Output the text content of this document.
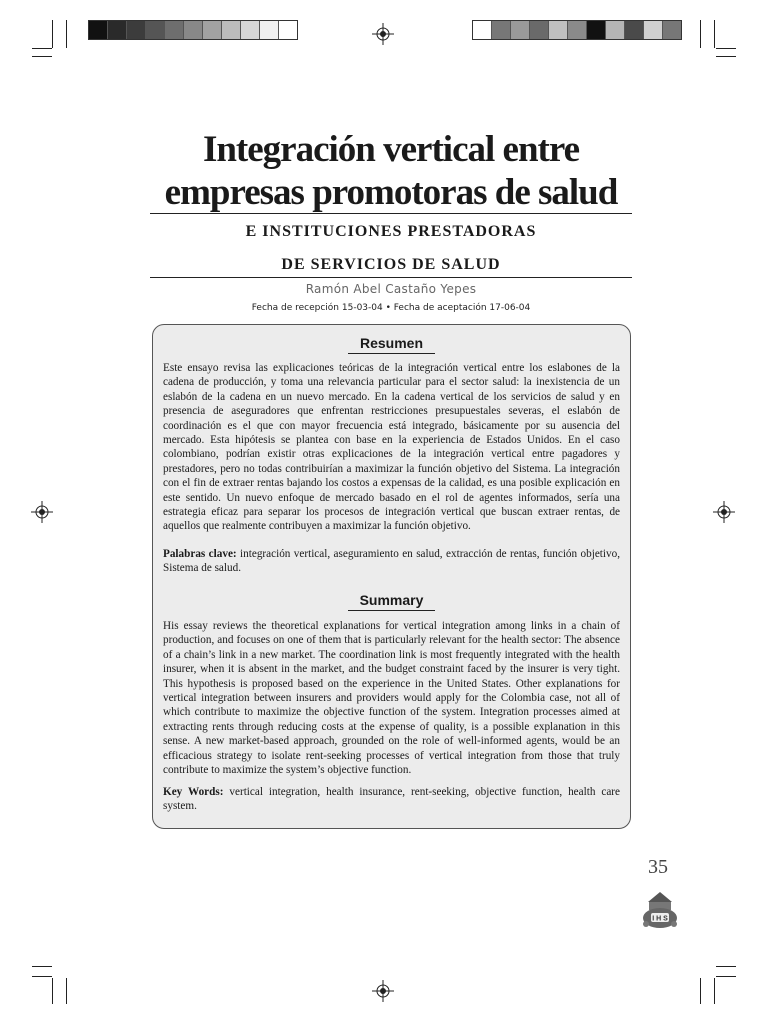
Integración vertical entre
empresas promotoras de salud
E INSTITUCIONES PRESTADORAS
DE SERVICIOS DE SALUD
Ramón Abel Castaño Yepes
Fecha de recepción 15-03-04 • Fecha de aceptación 17-06-04
Resumen
Este ensayo revisa las explicaciones teóricas de la integración vertical entre los eslabones de la cadena de producción, y toma una relevancia particular para el sector salud: la inexistencia de un eslabón de la cadena en un nuevo mercado. En la cadena vertical de los servicios de salud y en presencia de aseguradores que enfrentan restricciones presupuestales severas, el eslabón de coordinación es el que con mayor frecuencia está integrado, básicamente por su ausencia del mercado. Esta hipótesis se plantea con base en la experiencia de Estados Unidos. En el caso colombiano, podrían existir otras explicaciones de la integración vertical entre pagadores y prestadores, pero no todas contribuirían a maximizar la función objetivo del Sistema. La integración con el fin de extraer rentas bajando los costos a expensas de la calidad, es una posible explicación en este sentido. Un nuevo enfoque de mercado basado en el rol de agentes informados, sería una estrategia eficaz para separar los procesos de integración vertical que buscan extraer rentas, de aquellos que realmente contribuyen a maximizar la función objetivo.
Palabras clave: integración vertical, aseguramiento en salud, extracción de rentas, función objetivo, Sistema de salud.
Summary
His essay reviews the theoretical explanations for vertical integration among links in a chain of production, and focuses on one of them that is particularly relevant for the health sector: The absence of a chain’s link in a new market. The coordination link is most frequently integrated with the health insurer, when it is absent in the market, and the budget constraint faced by the insurer is very tight. This hypothesis is proposed based on the experience in the United States. Other explanations for vertical integration between insurers and providers would apply for the Colombia case, not all of which contribute to maximize the objective function of the system. Integration processes aimed at extracting rents through reducing costs at the expense of quality, is a possible explanation in this sense. A new market-based approach, grounded on the role of well-informed agents, would be an efficacious strategy to isolate rent-seeking processes of vertical integration from those that truly contribute to maximize the system’s objective function.
Key Words: vertical integration, health insurance, rent-seeking, objective function, health care system.
35
I H S
